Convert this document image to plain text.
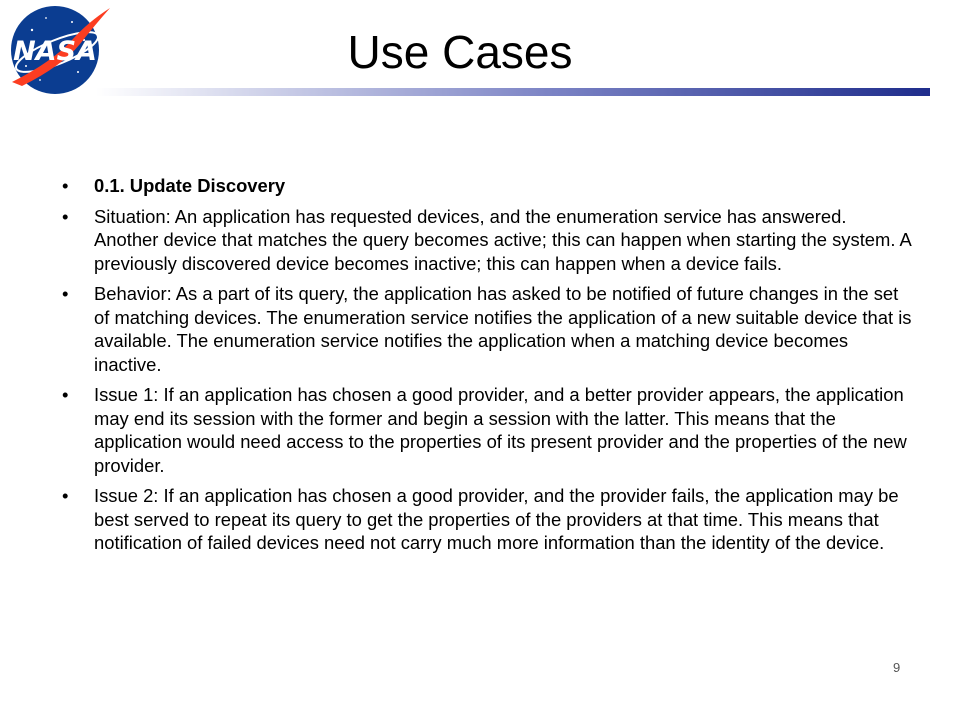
NASA	Use Cases
•	0.1. Update Discovery
•	Situation: An application has requested devices, and the enumeration service has answered. Another device that matches the query becomes active; this can happen when starting the system. A previously discovered device becomes inactive; this can happen when a device fails.
•	Behavior: As a part of its query, the application has asked to be notified of future changes in the set of matching devices. The enumeration service notifies the application of a new suitable device that is available. The enumeration service notifies the application when a matching device becomes inactive.
•	Issue 1: If an application has chosen a good provider, and a better provider appears, the application may end its session with the former and begin a session with the latter. This means that the application would need access to the properties of its present provider and the properties of the new provider.
•	Issue 2: If an application has chosen a good provider, and the provider fails, the application may be best served to repeat its query to get the properties of the providers at that time. This means that notification of failed devices need not carry much more information than the identity of the device.
9
